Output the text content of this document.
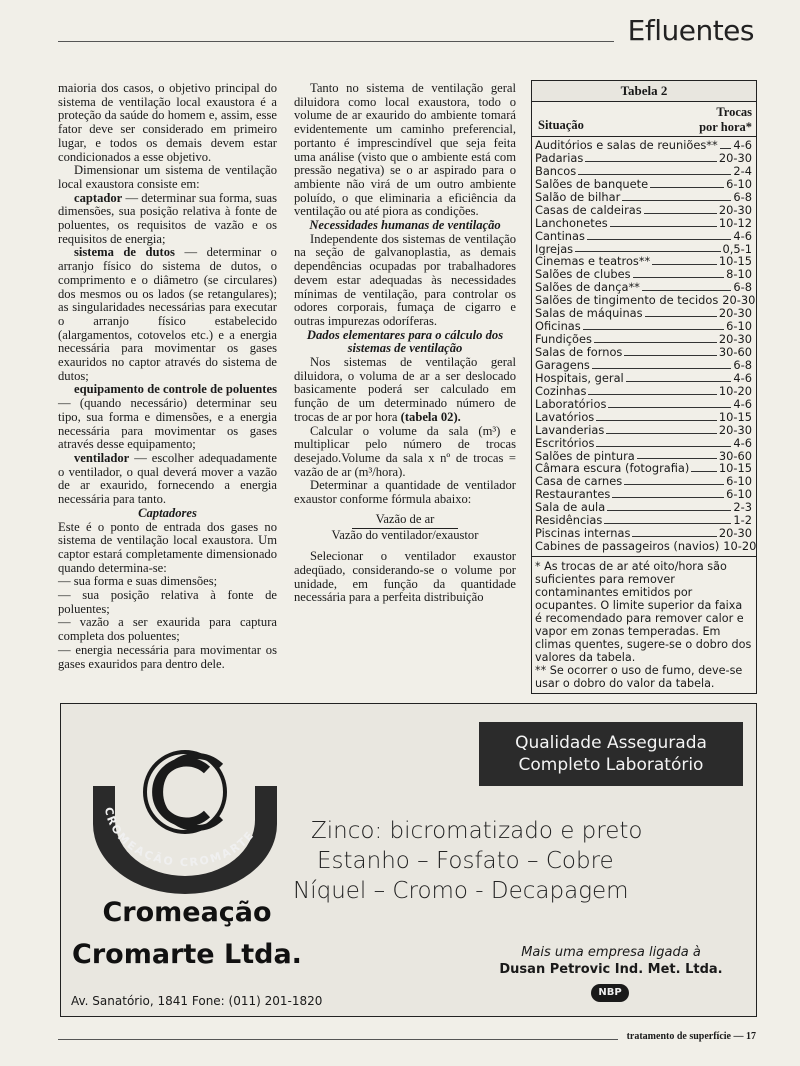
Efluentes

maioria dos casos, o objetivo principal do sistema de ventilação local exaustora é a proteção da saúde do homem e, assim, esse fator deve ser considerado em primeiro lugar, e todos os demais devem estar condicionados a esse objetivo.

Dimensionar um sistema de ventilação local exaustora consiste em:

captador — determinar sua forma, suas dimensões, sua posição relativa à fonte de poluentes, os requisitos de vazão e os requisitos de energia;

sistema de dutos — determinar o arranjo físico do sistema de dutos, o comprimento e o diâmetro (se circulares) dos mesmos ou os lados (se retangulares); as singularidades necessárias para executar o arranjo físico estabelecido (alargamentos, cotovelos etc.) e a energia necessária para movimentar os gases exauridos no captor através do sistema de dutos;

equipamento de controle de poluentes — (quando necessário) determinar seu tipo, sua forma e dimensões, e a energia necessária para movimentar os gases através desse equipamento;

ventilador — escolher adequadamente o ventilador, o qual deverá mover a vazão de ar exaurido, fornecendo a energia necessária para tanto.

Captadores

Este é o ponto de entrada dos gases no sistema de ventilação local exaustora. Um captor estará completamente dimensionado quando determina-se:

— sua forma e suas dimensões;

— sua posição relativa à fonte de poluentes;

— vazão a ser exaurida para captura completa dos poluentes;

— energia necessária para movimentar os gases exauridos para dentro dele.

Tanto no sistema de ventilação geral diluidora como local exaustora, todo o volume de ar exaurido do ambiente tomará evidentemente um caminho preferencial, portanto é imprescindível que seja feita uma análise (visto que o ambiente está com pressão negativa) se o ar aspirado para o ambiente não virá de um outro ambiente poluído, o que eliminaria a eficiência da ventilação ou até piora as condições.

Necessidades humanas de ventilação

Independente dos sistemas de ventilação na seção de galvanoplastia, as demais dependências ocupadas por trabalhadores devem estar adequadas às necessidades mínimas de ventilação, para controlar os odores corporais, fumaça de cigarro e outras impurezas odoríferas.

Dados elementares para o cálculo dos sistemas de ventilação

Nos sistemas de ventilação geral diluidora, o voluma de ar a ser deslocado basicamente poderá ser calculado em função de um determinado número de trocas de ar por hora (tabela 02).

Calcular o volume da sala (m³) e multiplicar pelo número de trocas desejado.Volume da sala x nº de trocas = vazão de ar (m³/hora).

Determinar a quantidade de ventilador exaustor conforme fórmula abaixo:

Vazão de ar
Vazão do ventilador/exaustor

Selecionar o ventilador exaustor adeqüado, considerando-se o volume por unidade, em função da quantidade necessária para a perfeita distribuição

Tabela 2
Situação
Trocas
por hora*
Auditórios e salas de reuniões** 4-6
Padarias	20-30
Bancos	2-4
Salões de banquete	6-10
Salão de bilhar	6-8
Casas de caldeiras	20-30
Lanchonetes	10-12
Cantinas	4-6
Igrejas	0,5-1
Cinemas e teatros**	10-15
Salões de clubes	8-10
Salões de dança**	6-8
Salões de tingimento de tecidos 20-30
Salas de máquinas	20-30
Oficinas	6-10
Fundições	20-30
Salas de fornos	30-60
Garagens	6-8
Hospitais, geral	4-6
Cozinhas	10-20
Laboratórios	4-6
Lavatórios	10-15
Lavanderias	20-30
Escritórios	4-6
Salões de pintura	30-60
Câmara escura (fotografia)	10-15
Casa de carnes	6-10
Restaurantes	6-10
Sala de aula	2-3
Residências	1-2
Piscinas internas	20-30
Cabines de passageiros (navios) 10-20

* As trocas de ar até oito/hora são suficientes para remover contaminantes emitidos por ocupantes. O limite superior da faixa é recomendado para remover calor e vapor em zonas temperadas. Em climas quentes, sugere-se o dobro dos valores da tabela.

** Se ocorrer o uso de fumo, deve-se usar o dobro do valor da tabela.

Qualidade Assegurada
Completo Laboratório
CROMEAÇÃO CROMARTE
Cromeação
Cromarte Ltda.
Av. Sanatório, 1841 Fone: (011) 201-1820
Zinco: bicromatizado e preto
Estanho – Fosfato – Cobre
Níquel – Cromo - Decapagem
Mais uma empresa ligada à
Dusan Petrovic Ind. Met. Ltda.
NBP
tratamento de superfície — 17
